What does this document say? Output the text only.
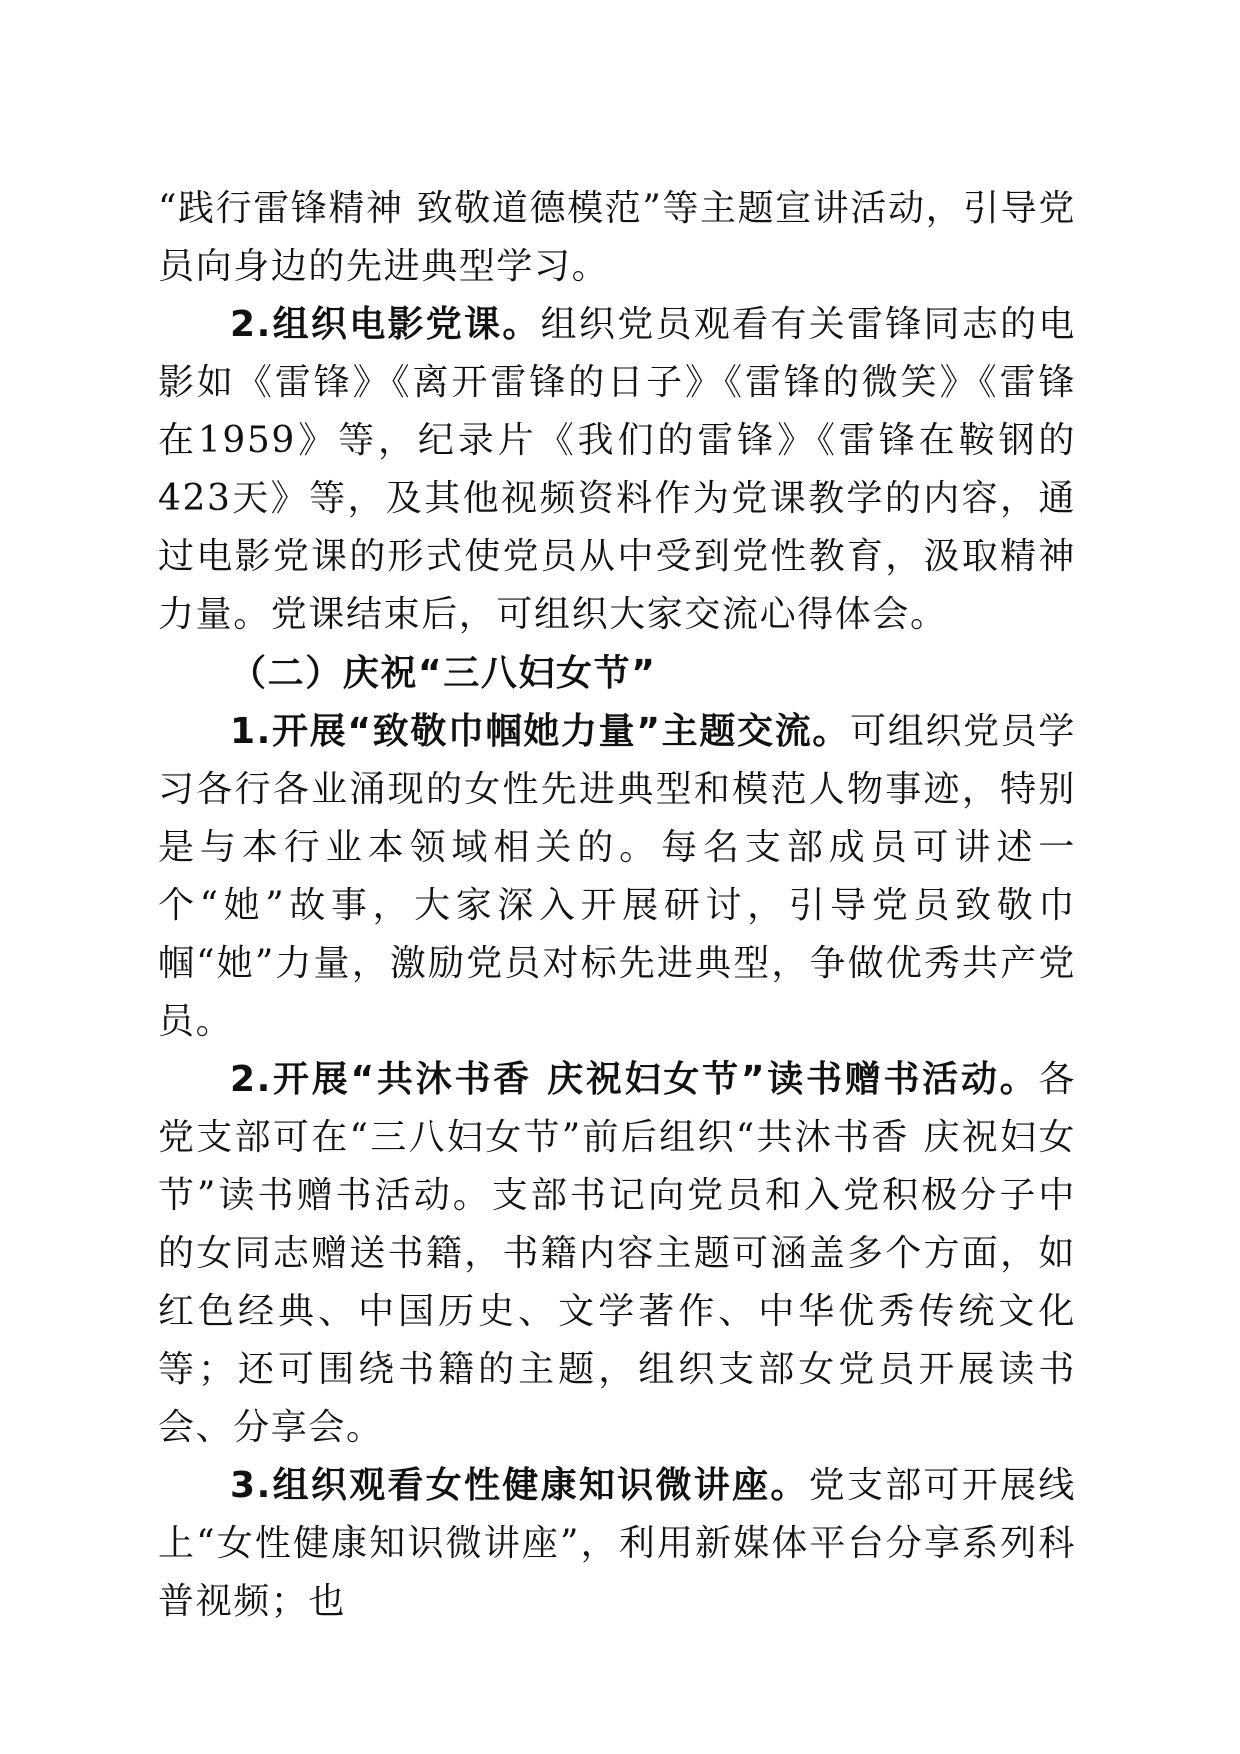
“践行雷锋精神 致敬道德模范”等主题宣讲活动，引导党员向身边的先进典型学习。

2.组织电影党课。组织党员观看有关雷锋同志的电影如《雷锋》《离开雷锋的日子》《雷锋的微笑》《雷锋在1959》等，纪录片《我们的雷锋》《雷锋在鞍钢的423天》等，及其他视频资料作为党课教学的内容，通过电影党课的形式使党员从中受到党性教育，汲取精神力量。党课结束后，可组织大家交流心得体会。

（二）庆祝“三八妇女节”

1.开展“致敬巾帼她力量”主题交流。可组织党员学习各行各业涌现的女性先进典型和模范人物事迹，特别是与本行业本领域相关的。每名支部成员可讲述一个“她”故事，大家深入开展研讨，引导党员致敬巾帼“她”力量，激励党员对标先进典型，争做优秀共产党员。

2.开展“共沐书香 庆祝妇女节”读书赠书活动。各党支部可在“三八妇女节”前后组织“共沐书香 庆祝妇女节”读书赠书活动。支部书记向党员和入党积极分子中的女同志赠送书籍，书籍内容主题可涵盖多个方面，如红色经典、中国历史、文学著作、中华优秀传统文化等；还可围绕书籍的主题，组织支部女党员开展读书会、分享会。

3.组织观看女性健康知识微讲座。党支部可开展线上“女性健康知识微讲座”，利用新媒体平台分享系列科普视频；也
